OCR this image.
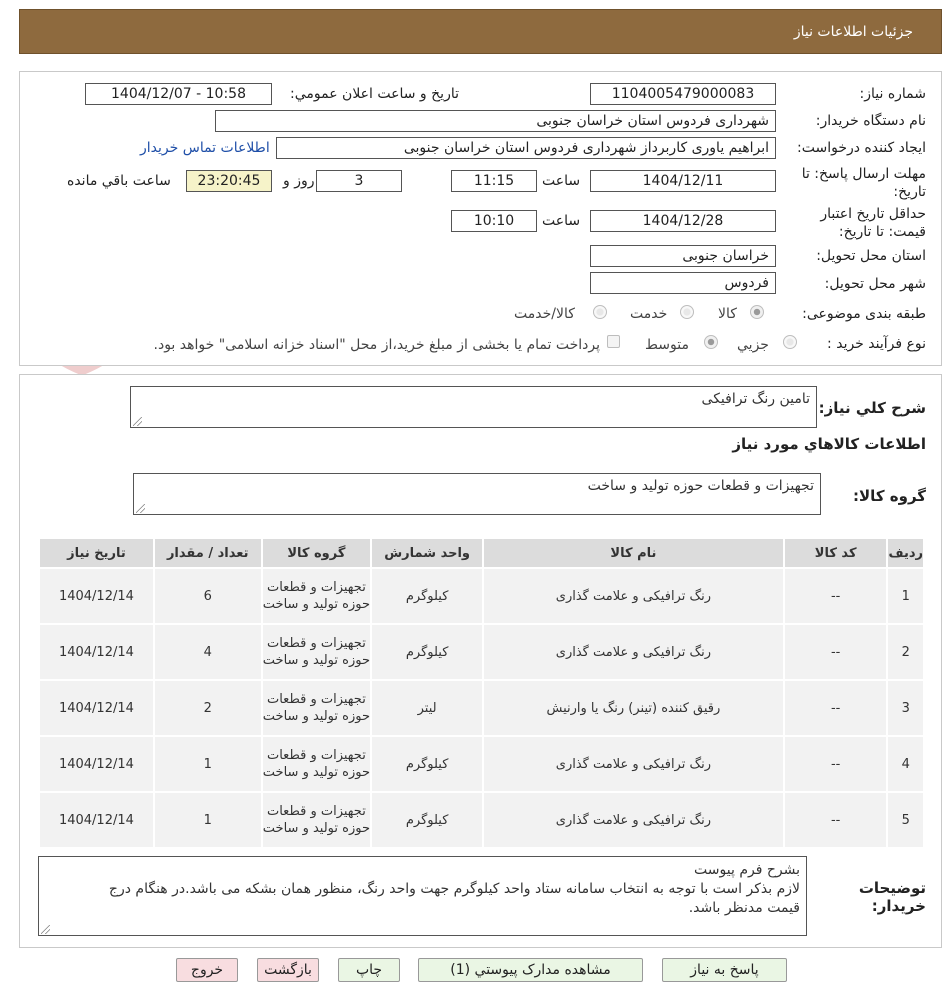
جزئیات اطلاعات نیاز
شماره نیاز:
1104005479000083
تاریخ و ساعت اعلان عمومي:
1404/12/07 - 10:58
نام دستگاه خريدار:
شهرداری فردوس استان خراسان جنوبی
ايجاد کننده درخواست:
ابراهیم یاوری کاربرداز شهرداری فردوس استان خراسان جنوبی
اطلاعات تماس خريدار
مهلت ارسال پاسخ: تا
تاریخ:
1404/12/11
ساعت
11:15
3
روز و
23:20:45
ساعت باقي مانده
حداقل تاريخ اعتبار
قيمت: تا تاريخ:
1404/12/28
ساعت
10:10
استان محل تحويل:
خراسان جنوبی
شهر محل تحويل:
فردوس
طبقه بندی موضوعی:
کالا
خدمت
کالا/خدمت
نوع فرآیند خرید :
جزیي
متوسط
پرداخت تمام یا بخشی از مبلغ خرید،از محل "اسناد خزانه اسلامی" خواهد بود.
شرح کلي نياز:
تامین رنگ ترافیکی
اطلاعات کالاهاي مورد نياز
گروه کالا:
تجهیزات و قطعات حوزه تولید و ساخت
رديف	کد کالا	نام کالا	واحد شمارش	گروه کالا	تعداد / مقدار	تاريخ نياز
1	--	رنگ ترافیکی و علامت گذاری	کیلوگرم	تجهیزات و قطعات حوزه تولید و ساخت	6	1404/12/14
2	--	رنگ ترافیکی و علامت گذاری	کیلوگرم	تجهیزات و قطعات حوزه تولید و ساخت	4	1404/12/14
3	--	رقیق کننده (تینر) رنگ یا وارنیش	لیتر	تجهیزات و قطعات حوزه تولید و ساخت	2	1404/12/14
4	--	رنگ ترافیکی و علامت گذاری	کیلوگرم	تجهیزات و قطعات حوزه تولید و ساخت	1	1404/12/14
5	--	رنگ ترافیکی و علامت گذاری	کیلوگرم	تجهیزات و قطعات حوزه تولید و ساخت	1	1404/12/14
توضيحات
خريدار:
بشرح فرم پیوست
لازم بذکر است با توجه به انتخاب سامانه ستاد واحد کیلوگرم جهت واحد رنگ، منظور همان بشکه می باشد.در هنگام درج
قیمت مدنظر باشد.
پاسخ به نياز
مشاهده مدارک پيوستي (1)
چاپ
بازگشت
خروج
